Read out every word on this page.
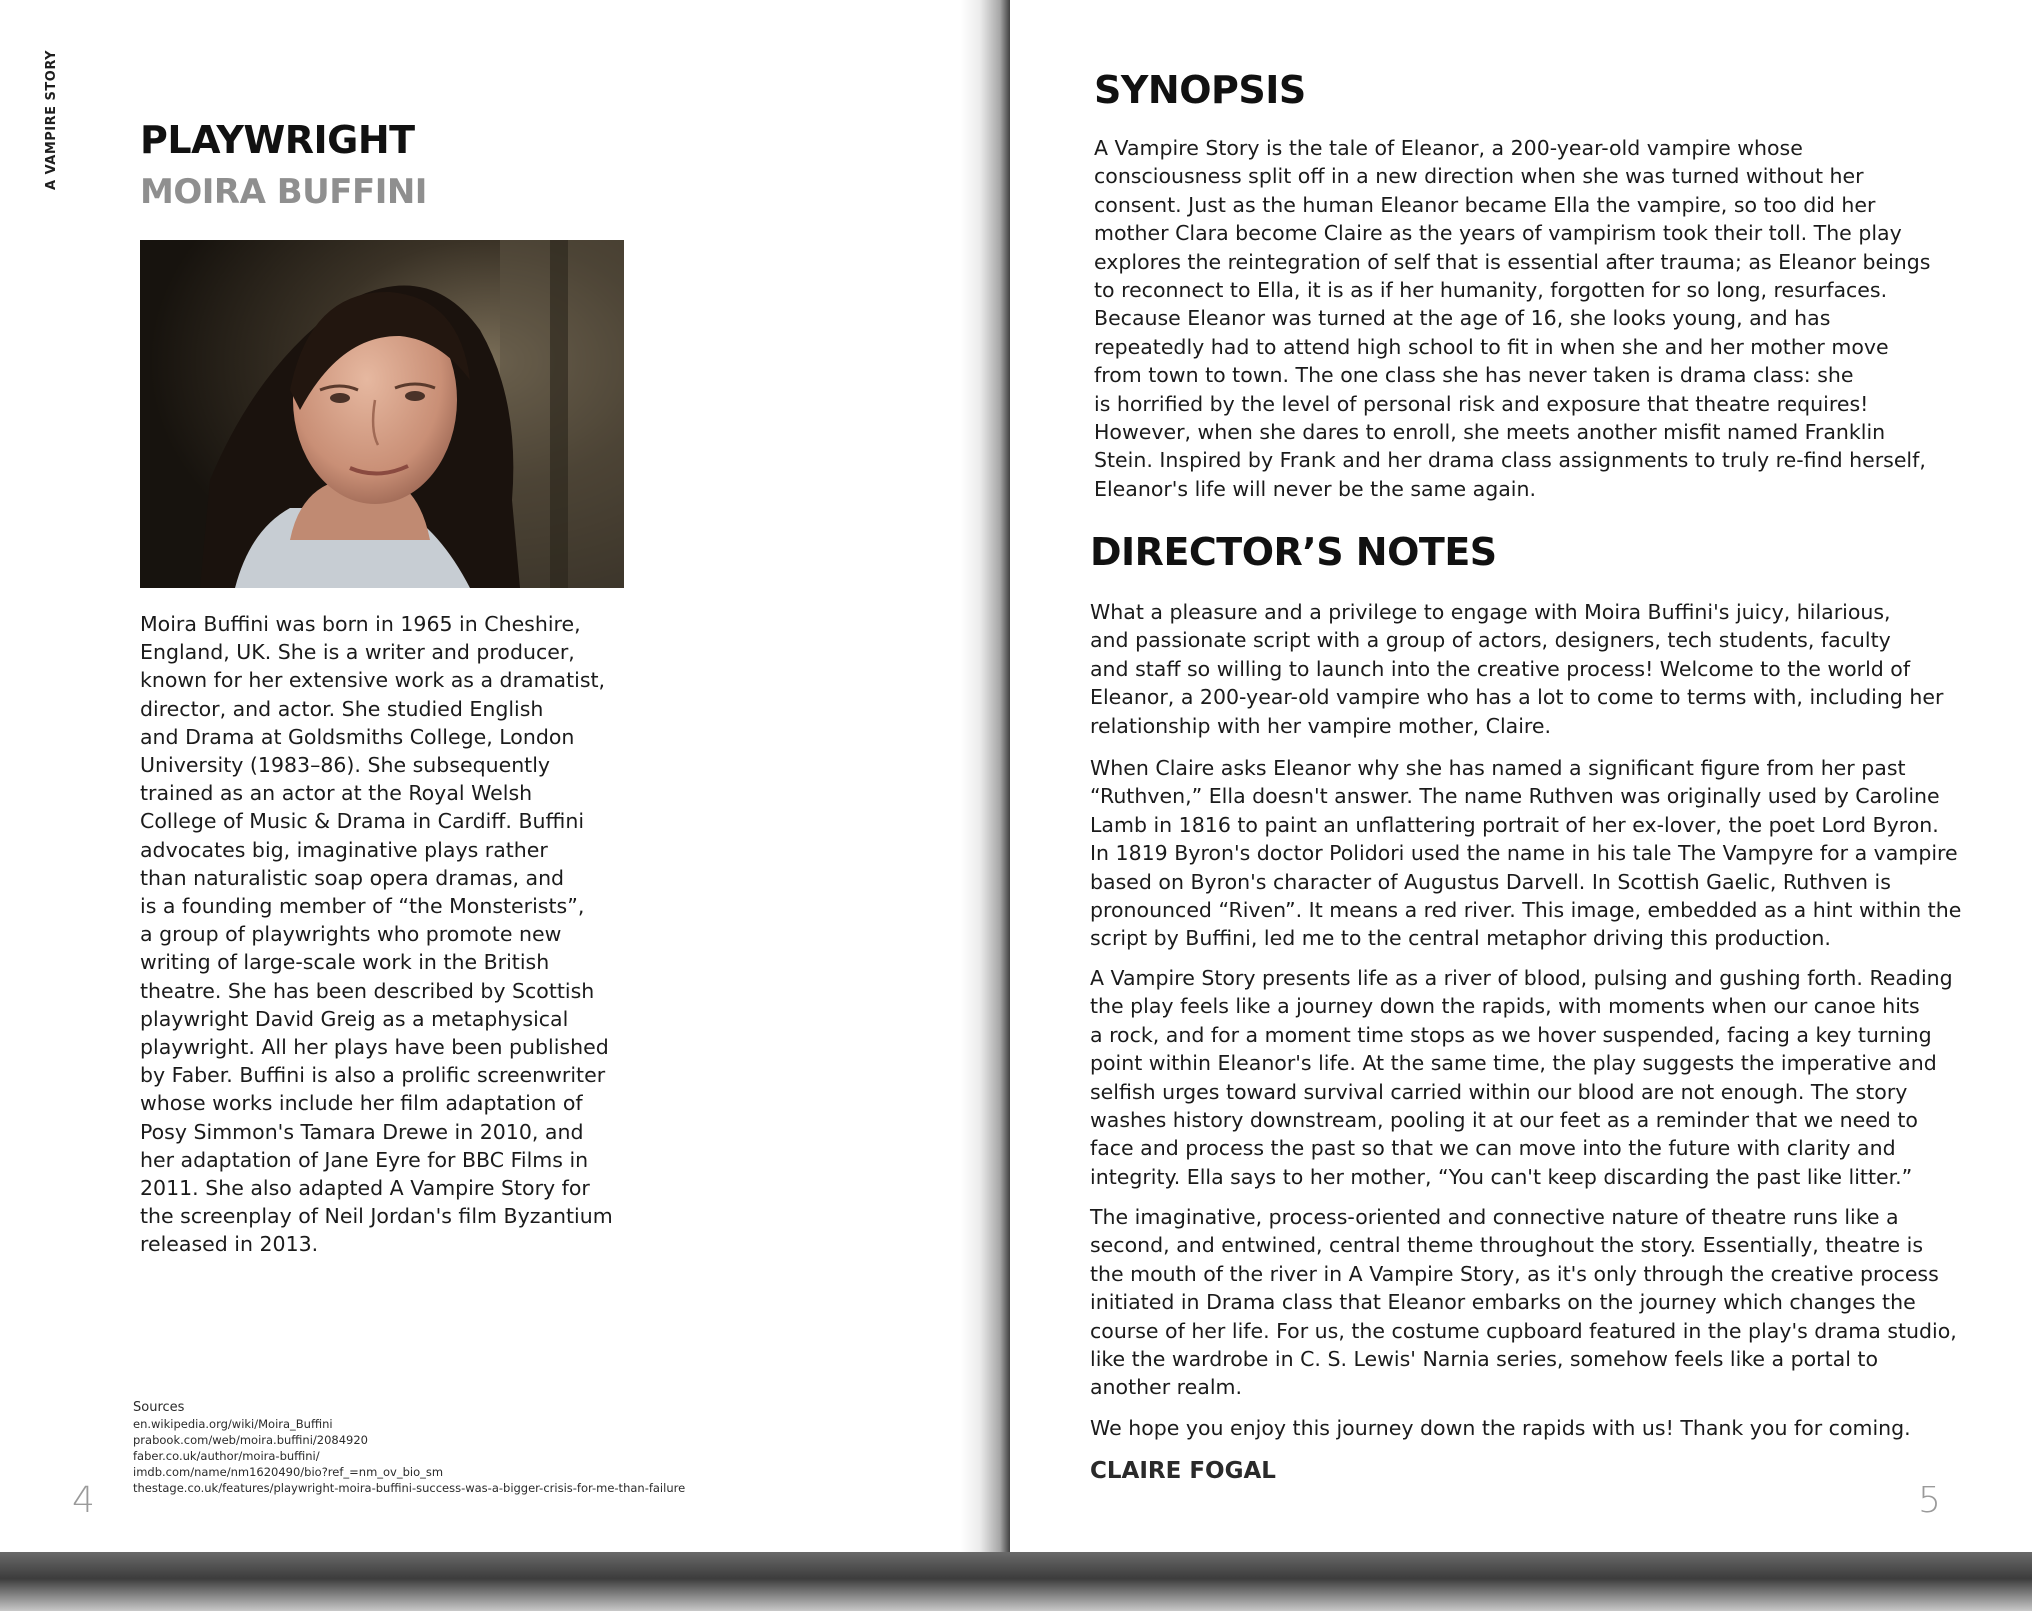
A VAMPIRE STORY PLAYWRIGHT
MOIRA BUFFINI
Moira Buffini was born in 1965 in Cheshire,
England, UK. She is a writer and producer,
known for her extensive work as a dramatist,
director, and actor. She studied English
and Drama at Goldsmiths College, London
University (1983–86). She subsequently
trained as an actor at the Royal Welsh
College of Music & Drama in Cardiff. Buffini
advocates big, imaginative plays rather
than naturalistic soap opera dramas, and
is a founding member of “the Monsterists”,
a group of playwrights who promote new
writing of large-scale work in the British
theatre. She has been described by Scottish
playwright David Greig as a metaphysical
playwright. All her plays have been published
by Faber. Buffini is also a prolific screenwriter
whose works include her film adaptation of
Posy Simmon's Tamara Drewe in 2010, and
her adaptation of Jane Eyre for BBC Films in
2011. She also adapted A Vampire Story for
the screenplay of Neil Jordan's film Byzantium
released in 2013.
Sources
en.wikipedia.org/wiki/Moira_Buffini
prabook.com/web/moira.buffini/2084920
faber.co.uk/author/moira-buffini/
imdb.com/name/nm1620490/bio?ref_=nm_ov_bio_sm
thestage.co.uk/features/playwright-moira-buffini-success-was-a-bigger-crisis-for-me-than-failure
4
SYNOPSIS
A Vampire Story is the tale of Eleanor, a 200-year-old vampire whose
consciousness split off in a new direction when she was turned without her
consent. Just as the human Eleanor became Ella the vampire, so too did her
mother Clara become Claire as the years of vampirism took their toll. The play
explores the reintegration of self that is essential after trauma; as Eleanor beings
to reconnect to Ella, it is as if her humanity, forgotten for so long, resurfaces.
Because Eleanor was turned at the age of 16, she looks young, and has
repeatedly had to attend high school to fit in when she and her mother move
from town to town. The one class she has never taken is drama class: she
is horrified by the level of personal risk and exposure that theatre requires!
However, when she dares to enroll, she meets another misfit named Franklin
Stein. Inspired by Frank and her drama class assignments to truly re-find herself,
Eleanor's life will never be the same again.
DIRECTOR’S NOTES
What a pleasure and a privilege to engage with Moira Buffini's juicy, hilarious,
and passionate script with a group of actors, designers, tech students, faculty
and staff so willing to launch into the creative process! Welcome to the world of
Eleanor, a 200-year-old vampire who has a lot to come to terms with, including her
relationship with her vampire mother, Claire.
When Claire asks Eleanor why she has named a significant figure from her past
“Ruthven,” Ella doesn't answer. The name Ruthven was originally used by Caroline
Lamb in 1816 to paint an unflattering portrait of her ex-lover, the poet Lord Byron.
In 1819 Byron's doctor Polidori used the name in his tale The Vampyre for a vampire
based on Byron's character of Augustus Darvell. In Scottish Gaelic, Ruthven is
pronounced “Riven”. It means a red river. This image, embedded as a hint within the
script by Buffini, led me to the central metaphor driving this production.
A Vampire Story presents life as a river of blood, pulsing and gushing forth. Reading
the play feels like a journey down the rapids, with moments when our canoe hits
a rock, and for a moment time stops as we hover suspended, facing a key turning
point within Eleanor's life. At the same time, the play suggests the imperative and
selfish urges toward survival carried within our blood are not enough. The story
washes history downstream, pooling it at our feet as a reminder that we need to
face and process the past so that we can move into the future with clarity and
integrity. Ella says to her mother, “You can't keep discarding the past like litter.”
The imaginative, process-oriented and connective nature of theatre runs like a
second, and entwined, central theme throughout the story. Essentially, theatre is
the mouth of the river in A Vampire Story, as it's only through the creative process
initiated in Drama class that Eleanor embarks on the journey which changes the
course of her life. For us, the costume cupboard featured in the play's drama studio,
like the wardrobe in C. S. Lewis' Narnia series, somehow feels like a portal to
another realm.
We hope you enjoy this journey down the rapids with us! Thank you for coming.
CLAIRE FOGAL
5
